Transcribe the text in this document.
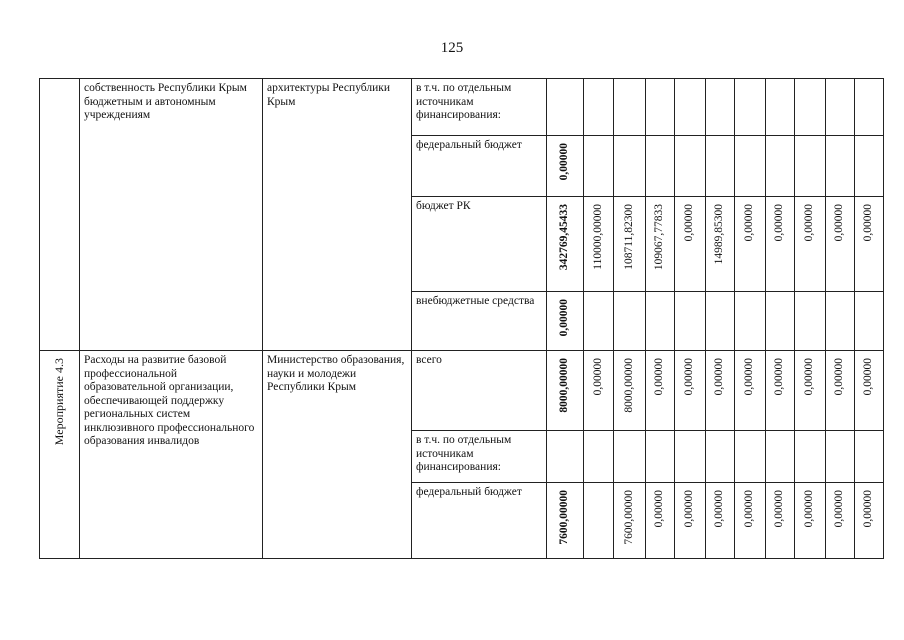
125
	собственность Республики Крым бюджетным и автономным учреждениям	архитектуры Республики Крым	в т.ч. по отдельным источникам финансирования:											
			федеральный бюджет	0,00000										
			бюджет РК	342769,45433	110000,00000	108711,82300	109067,77833	0,00000	14989,85300	0,00000	0,00000	0,00000	0,00000	0,00000
			внебюджетные средства	0,00000										
Мероприятие 4.3	Расходы на развитие базовой профессиональной образовательной организации, обеспечивающей поддержку региональных систем инклюзивного профессионального образования инвалидов	Министерство образования, науки и молодежи Республики Крым	всего	8000,00000	0,00000	8000,00000	0,00000	0,00000	0,00000	0,00000	0,00000	0,00000	0,00000	0,00000
			в т.ч. по отдельным источникам финансирования:											
			федеральный бюджет	7600,00000		7600,00000	0,00000	0,00000	0,00000	0,00000	0,00000	0,00000	0,00000	0,00000
